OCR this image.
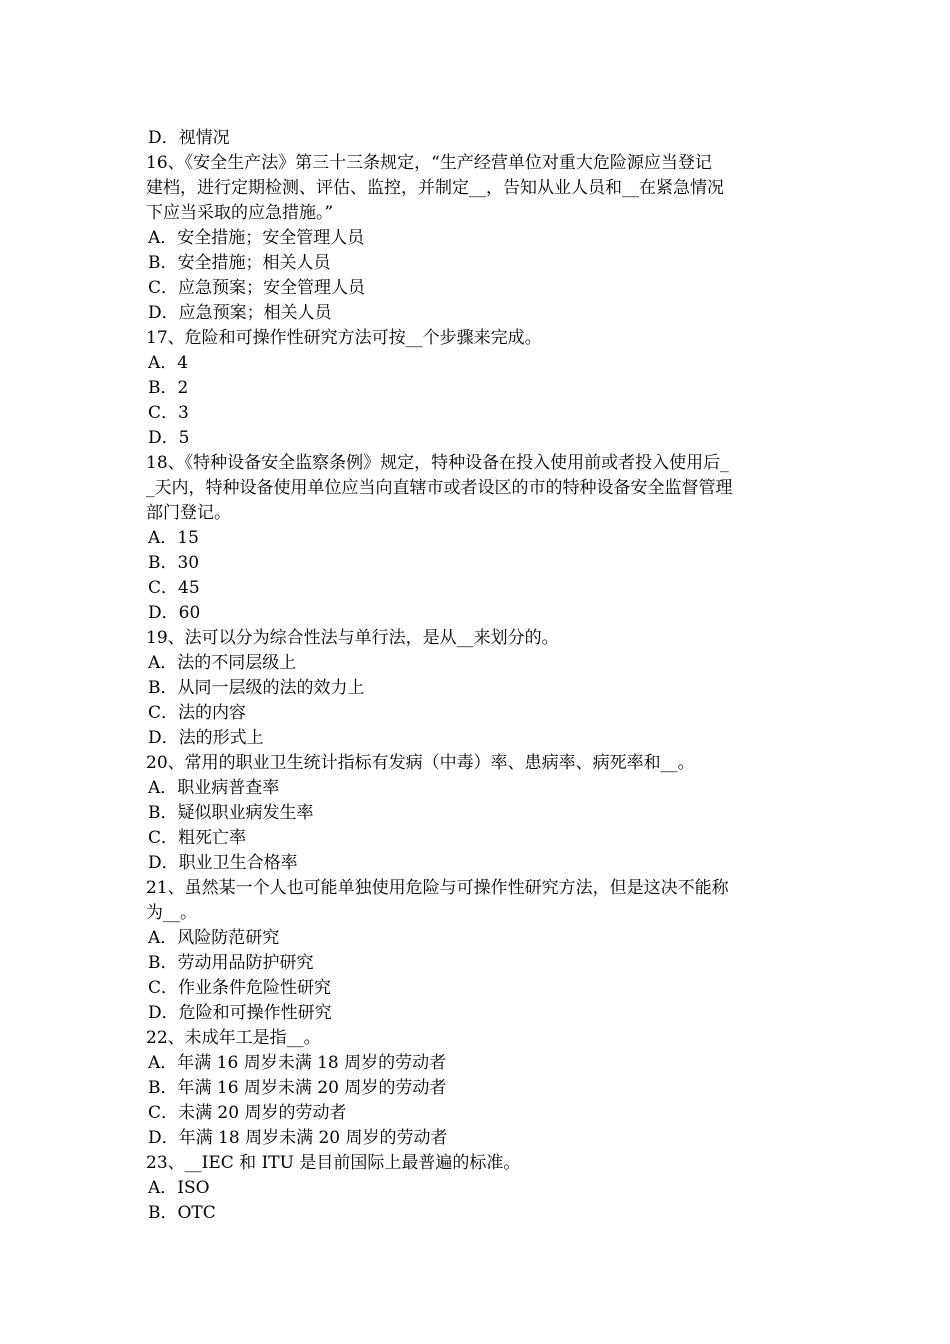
D．视情况
16、《安全生产法》第三十三条规定，“生产经营单位对重大危险源应当登记
建档，进行定期检测、评估、监控，并制定__，告知从业人员和__在紧急情况
下应当采取的应急措施。”
A．安全措施；安全管理人员
B．安全措施；相关人员
C．应急预案；安全管理人员
D．应急预案；相关人员
17、危险和可操作性研究方法可按__个步骤来完成。
A．4
B．2
C．3
D．5
18、《特种设备安全监察条例》规定，特种设备在投入使用前或者投入使用后_
_天内，特种设备使用单位应当向直辖市或者设区的市的特种设备安全监督管理
部门登记。
A．15
B．30
C．45
D．60
19、法可以分为综合性法与单行法，是从__来划分的。
A．法的不同层级上
B．从同一层级的法的效力上
C．法的内容
D．法的形式上
20、常用的职业卫生统计指标有发病（中毒）率、患病率、病死率和__。
A．职业病普查率
B．疑似职业病发生率
C．粗死亡率
D．职业卫生合格率
21、虽然某一个人也可能单独使用危险与可操作性研究方法，但是这决不能称
为__。
A．风险防范研究
B．劳动用品防护研究
C．作业条件危险性研究
D．危险和可操作性研究
22、未成年工是指__。
A．年满 16 周岁未满 18 周岁的劳动者
B．年满 16 周岁未满 20 周岁的劳动者
C．未满 20 周岁的劳动者
D．年满 18 周岁未满 20 周岁的劳动者
23、__IEC 和 ITU 是目前国际上最普遍的标准。
A．ISO
B．OTC
